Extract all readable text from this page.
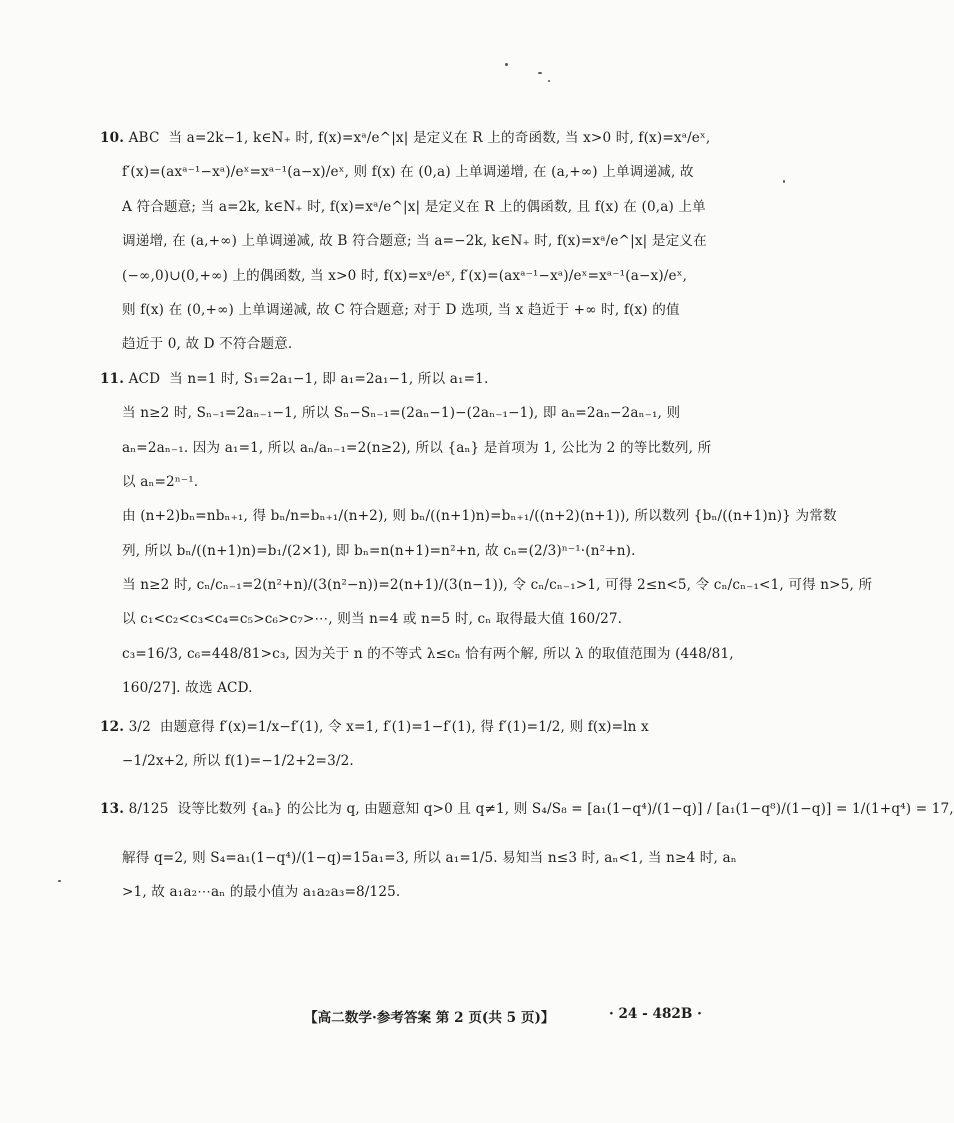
10. ABC 当 a=2k−1, k∈N₊ 时, f(x)=xᵃ/e^|x| 是定义在 R 上的奇函数, 当 x>0 时, f(x)=xᵃ/eˣ,

f′(x)=(axᵃ⁻¹−xᵃ)/eˣ=xᵃ⁻¹(a−x)/eˣ, 则 f(x) 在 (0,a) 上单调递增, 在 (a,+∞) 上单调递减, 故

A 符合题意; 当 a=2k, k∈N₊ 时, f(x)=xᵃ/e^|x| 是定义在 R 上的偶函数, 且 f(x) 在 (0,a) 上单

调递增, 在 (a,+∞) 上单调递减, 故 B 符合题意; 当 a=−2k, k∈N₊ 时, f(x)=xᵃ/e^|x| 是定义在

(−∞,0)∪(0,+∞) 上的偶函数, 当 x>0 时, f(x)=xᵃ/eˣ, f′(x)=(axᵃ⁻¹−xᵃ)/eˣ=xᵃ⁻¹(a−x)/eˣ,

则 f(x) 在 (0,+∞) 上单调递减, 故 C 符合题意; 对于 D 选项, 当 x 趋近于 +∞ 时, f(x) 的值

趋近于 0, 故 D 不符合题意.

11. ACD 当 n=1 时, S₁=2a₁−1, 即 a₁=2a₁−1, 所以 a₁=1.

当 n≥2 时, Sₙ₋₁=2aₙ₋₁−1, 所以 Sₙ−Sₙ₋₁=(2aₙ−1)−(2aₙ₋₁−1), 即 aₙ=2aₙ−2aₙ₋₁, 则

aₙ=2aₙ₋₁. 因为 a₁=1, 所以 aₙ/aₙ₋₁=2(n≥2), 所以 {aₙ} 是首项为 1, 公比为 2 的等比数列, 所

以 aₙ=2ⁿ⁻¹.

由 (n+2)bₙ=nbₙ₊₁, 得 bₙ/n=bₙ₊₁/(n+2), 则 bₙ/((n+1)n)=bₙ₊₁/((n+2)(n+1)), 所以数列 {bₙ/((n+1)n)} 为常数

列, 所以 bₙ/((n+1)n)=b₁/(2×1), 即 bₙ=n(n+1)=n²+n, 故 cₙ=(2/3)ⁿ⁻¹·(n²+n).

当 n≥2 时, cₙ/cₙ₋₁=2(n²+n)/(3(n²−n))=2(n+1)/(3(n−1)), 令 cₙ/cₙ₋₁>1, 可得 2≤n<5, 令 cₙ/cₙ₋₁<1, 可得 n>5, 所

以 c₁<c₂<c₃<c₄=c₅>c₆>c₇>⋯, 则当 n=4 或 n=5 时, cₙ 取得最大值 160/27.

c₃=16/3, c₆=448/81>c₃, 因为关于 n 的不等式 λ≤cₙ 恰有两个解, 所以 λ 的取值范围为 (448/81,

160/27]. 故选 ACD.

12. 3/2 由题意得 f′(x)=1/x−f′(1), 令 x=1, f′(1)=1−f′(1), 得 f′(1)=1/2, 则 f(x)=ln x

−1/2x+2, 所以 f(1)=−1/2+2=3/2.

13. 8/125 设等比数列 {aₙ} 的公比为 q, 由题意知 q>0 且 q≠1, 则 S₄/S₈ = [a₁(1−q⁴)/(1−q)] / [a₁(1−q⁸)/(1−q)] = 1/(1+q⁴) = 17,

解得 q=2, 则 S₄=a₁(1−q⁴)/(1−q)=15a₁=3, 所以 a₁=1/5. 易知当 n≤3 时, aₙ<1, 当 n≥4 时, aₙ

>1, 故 a₁a₂⋯aₙ 的最小值为 a₁a₂a₃=8/125.

【高二数学·参考答案 第 2 页(共 5 页)】	· 24 - 482B ·
